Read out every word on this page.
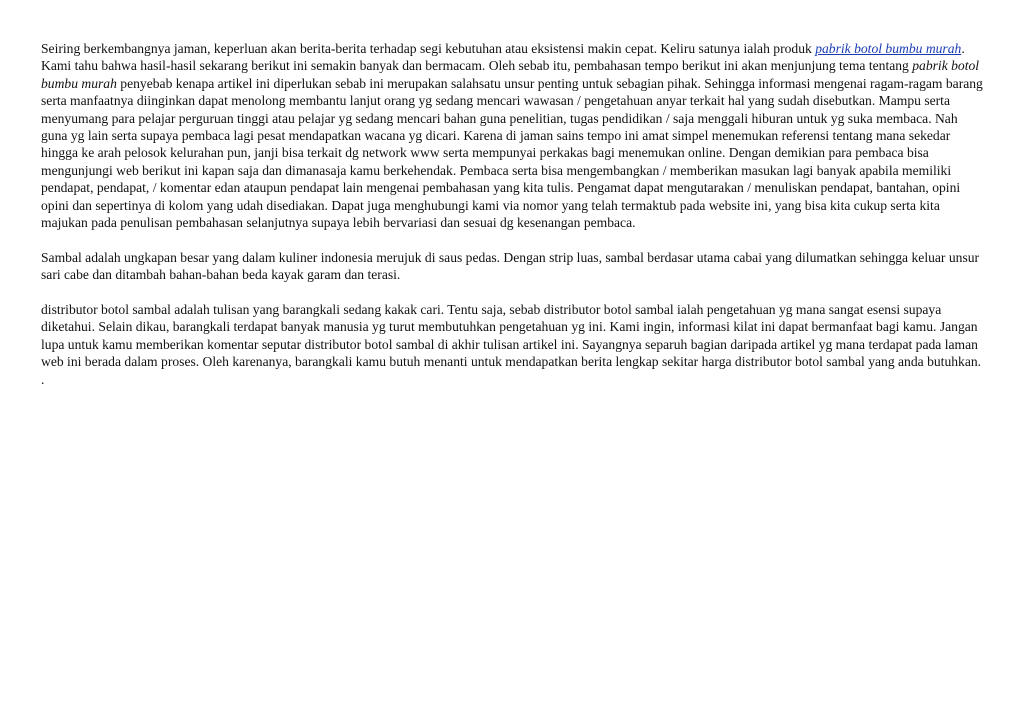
Seiring berkembangnya jaman, keperluan akan berita-berita terhadap segi kebutuhan atau eksistensi makin cepat. Keliru satunya ialah produk pabrik botol bumbu murah. Kami tahu bahwa hasil-hasil sekarang berikut ini semakin banyak dan bermacam. Oleh sebab itu, pembahasan tempo berikut ini akan menjunjung tema tentang pabrik botol bumbu murah penyebab kenapa artikel ini diperlukan sebab ini merupakan salahsatu unsur penting untuk sebagian pihak. Sehingga informasi mengenai ragam-ragam barang serta manfaatnya diinginkan dapat menolong membantu lanjut orang yg sedang mencari wawasan / pengetahuan anyar terkait hal yang sudah disebutkan. Mampu serta menyumang para pelajar perguruan tinggi atau pelajar yg sedang mencari bahan guna penelitian, tugas pendidikan / saja menggali hiburan untuk yg suka membaca. Nah guna yg lain serta supaya pembaca lagi pesat mendapatkan wacana yg dicari. Karena di jaman sains tempo ini amat simpel menemukan referensi tentang mana sekedar hingga ke arah pelosok kelurahan pun, janji bisa terkait dg network www serta mempunyai perkakas bagi menemukan online. Dengan demikian para pembaca bisa mengunjungi web berikut ini kapan saja dan dimanasaja kamu berkehendak. Pembaca serta bisa mengembangkan / memberikan masukan lagi banyak apabila memiliki pendapat, pendapat, / komentar edan ataupun pendapat lain mengenai pembahasan yang kita tulis. Pengamat dapat mengutarakan / menuliskan pendapat, bantahan, opini opini dan sepertinya di kolom yang udah disediakan. Dapat juga menghubungi kami via nomor yang telah termaktub pada website ini, yang bisa kita cukup serta kita majukan pada penulisan pembahasan selanjutnya supaya lebih bervariasi dan sesuai dg kesenangan pembaca.

Sambal adalah ungkapan besar yang dalam kuliner indonesia merujuk di saus pedas. Dengan strip luas, sambal berdasar utama cabai yang dilumatkan sehingga keluar unsur sari cabe dan ditambah bahan-bahan beda kayak garam dan terasi.

distributor botol sambal adalah tulisan yang barangkali sedang kakak cari. Tentu saja, sebab distributor botol sambal ialah pengetahuan yg mana sangat esensi supaya diketahui. Selain dikau, barangkali terdapat banyak manusia yg turut membutuhkan pengetahuan yg ini. Kami ingin, informasi kilat ini dapat bermanfaat bagi kamu. Jangan lupa untuk kamu memberikan komentar seputar distributor botol sambal di akhir tulisan artikel ini. Sayangnya separuh bagian daripada artikel yg mana terdapat pada laman web ini berada dalam proses. Oleh karenanya, barangkali kamu butuh menanti untuk mendapatkan berita lengkap sekitar harga distributor botol sambal yang anda butuhkan.

.
